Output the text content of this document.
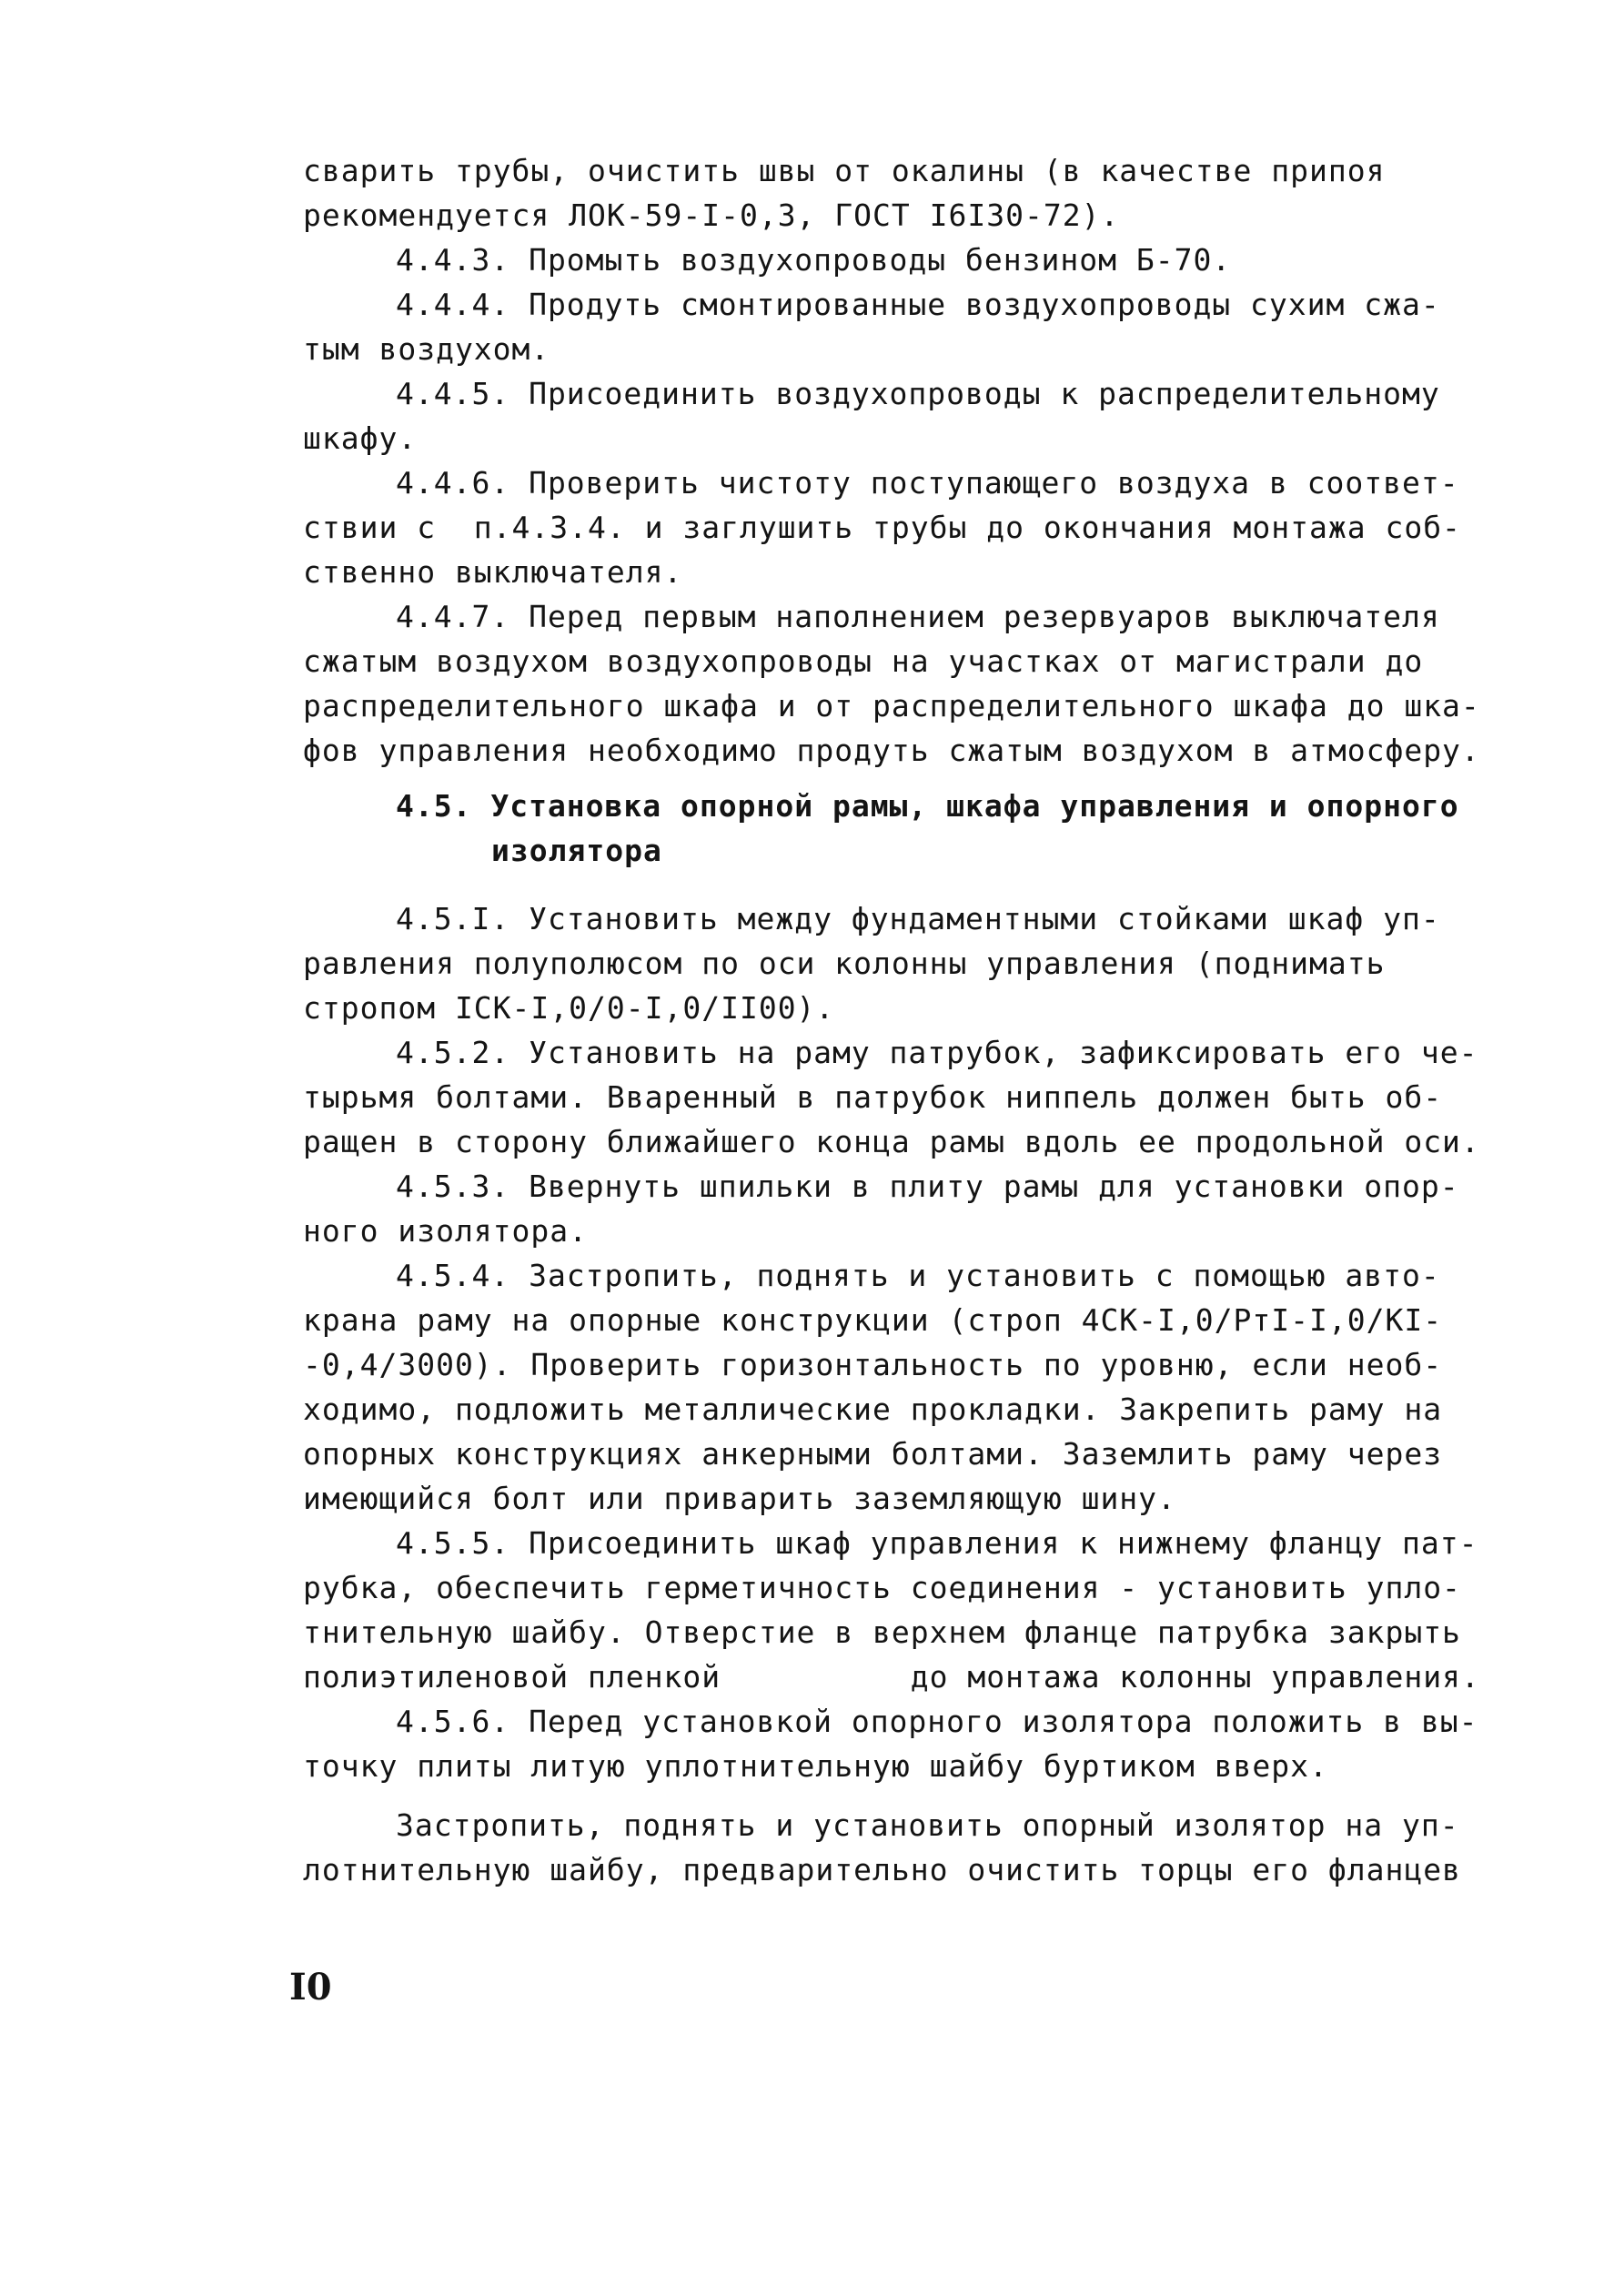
сварить трубы, очистить швы от окалины (в качестве припоя

рекомендуется ЛОК-59-I-0,3, ГОСТ I6I30-72).

4.4.3. Промыть воздухопроводы бензином Б-70.

4.4.4. Продуть смонтированные воздухопроводы сухим сжа-

тым воздухом.

4.4.5. Присоединить воздухопроводы к распределительному

шкафу.

4.4.6. Проверить чистоту поступающего воздуха в соответ-

ствии с  п.4.3.4. и заглушить трубы до окончания монтажа соб-

ственно выключателя.

4.4.7. Перед первым наполнением резервуаров выключателя

сжатым воздухом воздухопроводы на участках от магистрали до

распределительного шкафа и от распределительного шкафа до шка-

фов управления необходимо продуть сжатым воздухом в атмосферу.

4.5. Установка опорной рамы, шкафа управления и опорного

изолятора

4.5.I. Установить между фундаментными стойками шкаф уп-

равления полуполюсом по оси колонны управления (поднимать

стропом ICK-I,0/0-I,0/II00).

4.5.2. Установить на раму патрубок, зафиксировать его че-

тырьмя болтами. Вваренный в патрубок ниппель должен быть об-

ращен в сторону ближайшего конца рамы вдоль ее продольной оси.

4.5.3. Ввернуть шпильки в плиту рамы для установки опор-

ного изолятора.

4.5.4. Застропить, поднять и установить с помощью авто-

крана раму на опорные конструкции (строп 4CK-I,0/PтI-I,0/KI-

-0,4/3000). Проверить горизонтальность по уровню, если необ-

ходимо, подложить металлические прокладки. Закрепить раму на

опорных конструкциях анкерными болтами. Заземлить раму через

имеющийся болт или приварить заземляющую шину.

4.5.5. Присоединить шкаф управления к нижнему фланцу пат-

рубка, обеспечить герметичность соединения - установить упло-

тнительную шайбу. Отверстие в верхнем фланце патрубка закрыть

полиэтиленовой пленкой          до монтажа колонны управления.

4.5.6. Перед установкой опорного изолятора положить в вы-

точку плиты литую уплотнительную шайбу буртиком вверх.

Застропить, поднять и установить опорный изолятор на уп-

лотнительную шайбу, предварительно очистить торцы его фланцев

I0
